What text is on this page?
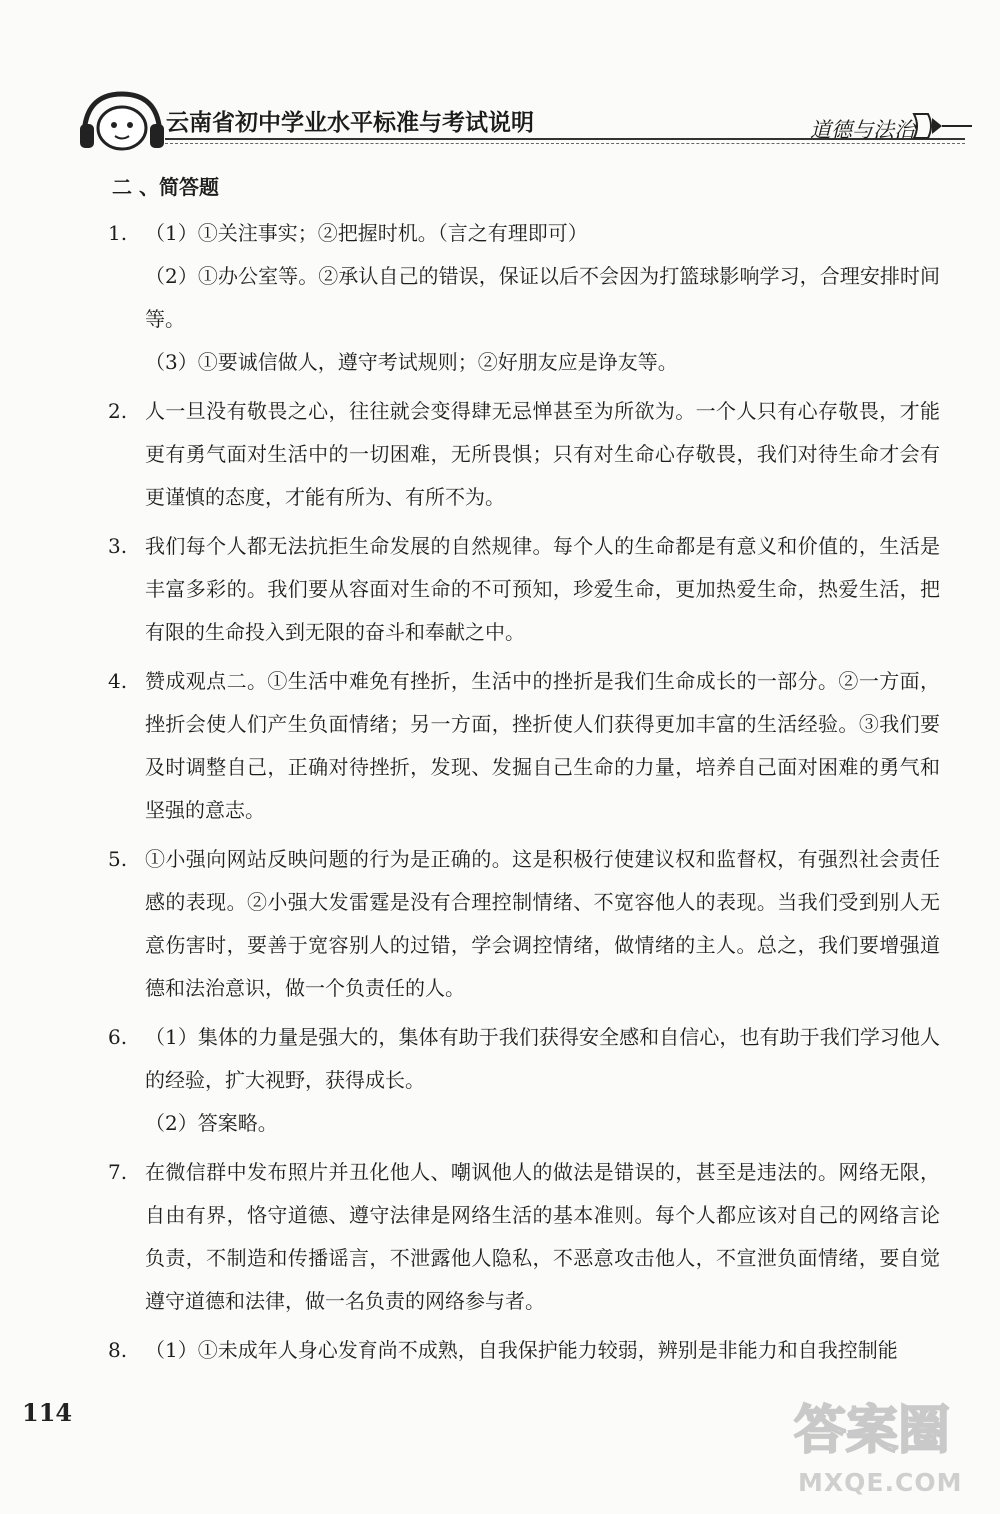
云南省初中学业水平标准与考试说明	道德与法治
二 、简答题
1. （1）①关注事实；②把握时机。（言之有理即可）
（2）①办公室等。②承认自己的错误，保证以后不会因为打篮球影响学习，合理安排时间等。
（3）①要诚信做人，遵守考试规则；②好朋友应是诤友等。
2. 人一旦没有敬畏之心，往往就会变得肆无忌惮甚至为所欲为。一个人只有心存敬畏，才能更有勇气面对生活中的一切困难，无所畏惧；只有对生命心存敬畏，我们对待生命才会有更谨慎的态度，才能有所为、有所不为。
3. 我们每个人都无法抗拒生命发展的自然规律。每个人的生命都是有意义和价值的，生活是丰富多彩的。我们要从容面对生命的不可预知，珍爱生命，更加热爱生命，热爱生活，把有限的生命投入到无限的奋斗和奉献之中。
4. 赞成观点二。①生活中难免有挫折，生活中的挫折是我们生命成长的一部分。②一方面，挫折会使人们产生负面情绪；另一方面，挫折使人们获得更加丰富的生活经验。③我们要及时调整自己，正确对待挫折，发现、发掘自己生命的力量，培养自己面对困难的勇气和坚强的意志。
5. ①小强向网站反映问题的行为是正确的。这是积极行使建议权和监督权，有强烈社会责任感的表现。②小强大发雷霆是没有合理控制情绪、不宽容他人的表现。当我们受到别人无意伤害时，要善于宽容别人的过错，学会调控情绪，做情绪的主人。总之，我们要增强道德和法治意识，做一个负责任的人。
6. （1）集体的力量是强大的，集体有助于我们获得安全感和自信心，也有助于我们学习他人的经验，扩大视野，获得成长。
（2）答案略。
7. 在微信群中发布照片并丑化他人、嘲讽他人的做法是错误的，甚至是违法的。网络无限，自由有界，恪守道德、遵守法律是网络生活的基本准则。每个人都应该对自己的网络言论负责，不制造和传播谣言，不泄露他人隐私，不恶意攻击他人，不宣泄负面情绪，要自觉遵守道德和法律，做一名负责的网络参与者。
8. （1）①未成年人身心发育尚不成熟，自我保护能力较弱，辨别是非能力和自我控制能
114	答案圈
MXQE.COM
